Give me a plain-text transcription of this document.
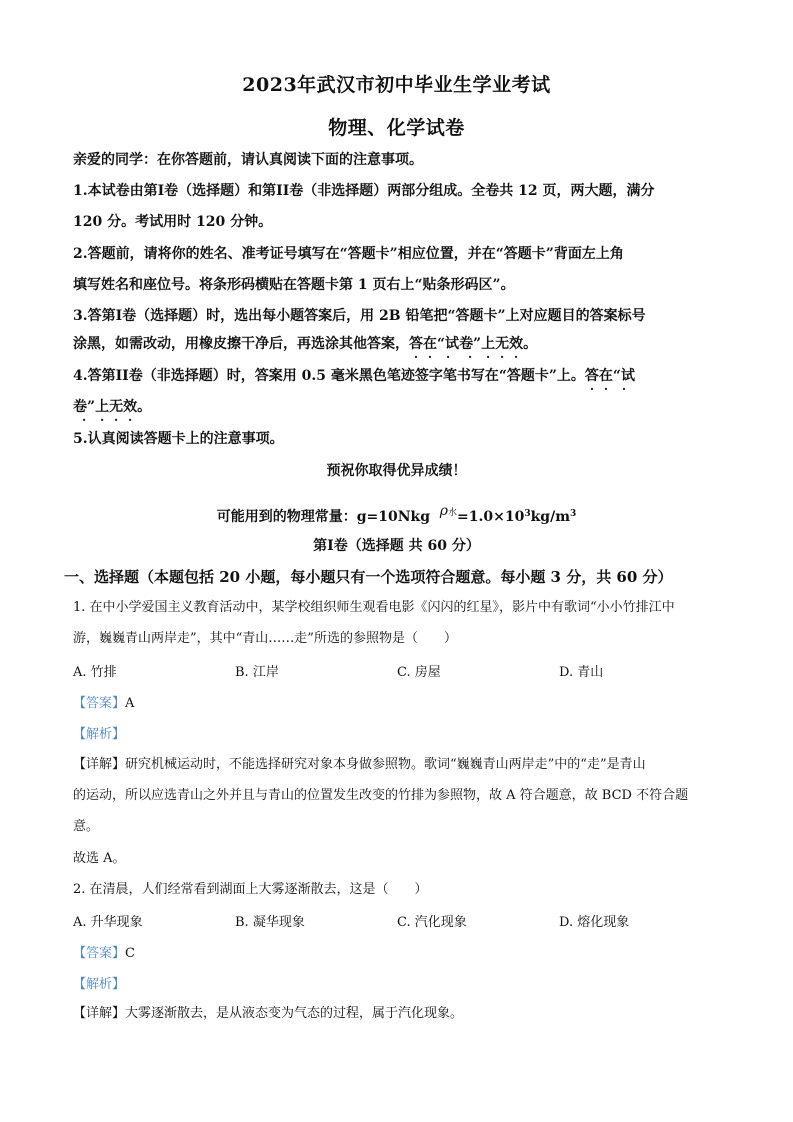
2023年武汉市初中毕业生学业考试
物理、化学试卷
亲爱的同学：在你答题前，请认真阅读下面的注意事项。
1.本试卷由第I卷（选择题）和第II卷（非选择题）两部分组成。全卷共 12 页，两大题，满分
120 分。考试用时 120 分钟。
2.答题前，请将你的姓名、准考证号填写在“答题卡”相应位置，并在“答题卡”背面左上角
填写姓名和座位号。将条形码横贴在答题卡第 1 页右上“贴条形码区”。
3.答第I卷（选择题）时，选出每小题答案后，用 2B 铅笔把“答题卡”上对应题目的答案标号
涂黑，如需改动，用橡皮擦干净后，再选涂其他答案，答在“试 .卷” .上无效。
4.答第II卷（非选择题）时，答案用 0.5 毫米黑色笔迹签字笔书写在“答题卡”上。答在“试 .
卷” .上无效。
5.认真阅读答题卡上的注意事项。
预祝你取得优异成绩！
可能用到的物理常量：g=10Nkg $\rho^水=1.0\times 10^3kg/m^3$
第I卷（选择题 共 60 分）
一、选择题（本题包括 20 小题，每小题只有一个选项符合题意。每小题 3 分，共 60 分）
1. 在中小学爱国主义教育活动中，某学校组织师生观看电影《闪闪的红星》，影片中有歌词“小小竹排江中
游，巍巍青山两岸走”，其中“青山……走”所选的参照物是（　　）
A. 竹排	B. 江岸	C. 房屋	D. 青山
【答案】A
【解析】
【详解】研究机械运动时，不能选择研究对象本身做参照物。歌词“巍巍青山两岸走”中的“走”是青山
的运动，所以应选青山之外并且与青山的位置发生改变的竹排为参照物，故 A 符合题意，故 BCD 不符合题
意。
故选 A。
2. 在清晨，人们经常看到湖面上大雾逐渐散去，这是（　　）
A. 升华现象	B. 凝华现象	C. 汽化现象	D. 熔化现象
【答案】C
【解析】
【详解】大雾逐渐散去，是从液态变为气态的过程，属于汽化现象。
